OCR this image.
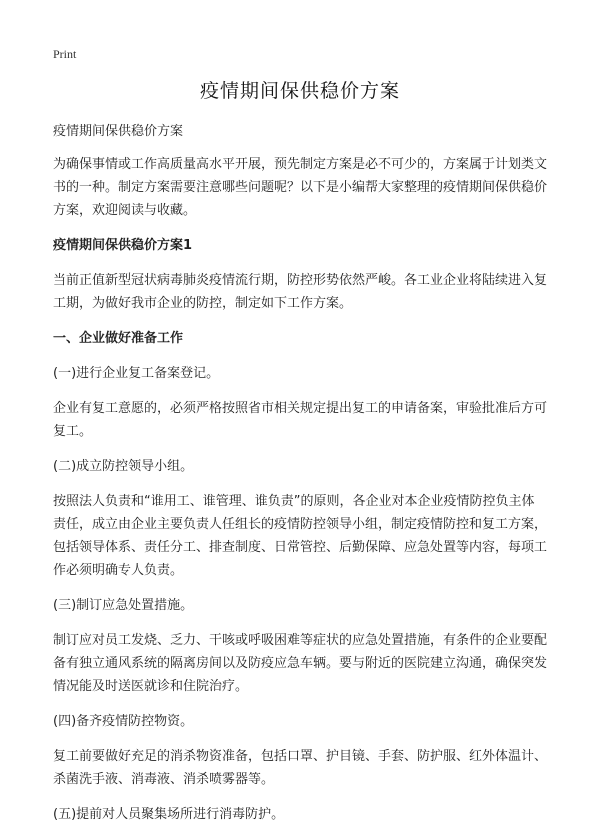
Print
疫情期间保供稳价方案

疫情期间保供稳价方案

为确保事情或工作高质量高水平开展，预先制定方案是必不可少的，方案属于计划类文书的一种。制定方案需要注意哪些问题呢？以下是小编帮大家整理的疫情期间保供稳价方案，欢迎阅读与收藏。

疫情期间保供稳价方案1

当前正值新型冠状病毒肺炎疫情流行期，防控形势依然严峻。各工业企业将陆续进入复工期，为做好我市企业的防控，制定如下工作方案。

一、企业做好准备工作

(一)进行企业复工备案登记。

企业有复工意愿的，必须严格按照省市相关规定提出复工的申请备案，审验批准后方可复工。

(二)成立防控领导小组。

按照法人负责和“谁用工、谁管理、谁负责”的原则，各企业对本企业疫情防控负主体责任，成立由企业主要负责人任组长的疫情防控领导小组，制定疫情防控和复工方案，包括领导体系、责任分工、排查制度、日常管控、后勤保障、应急处置等内容，每项工作必须明确专人负责。

(三)制订应急处置措施。

制订应对员工发烧、乏力、干咳或呼吸困难等症状的应急处置措施，有条件的企业要配备有独立通风系统的隔离房间以及防疫应急车辆。要与附近的医院建立沟通，确保突发情况能及时送医就诊和住院治疗。

(四)备齐疫情防控物资。

复工前要做好充足的消杀物资准备，包括口罩、护目镜、手套、防护服、红外体温计、杀菌洗手液、消毒液、消杀喷雾器等。

(五)提前对人员聚集场所进行消毒防护。
